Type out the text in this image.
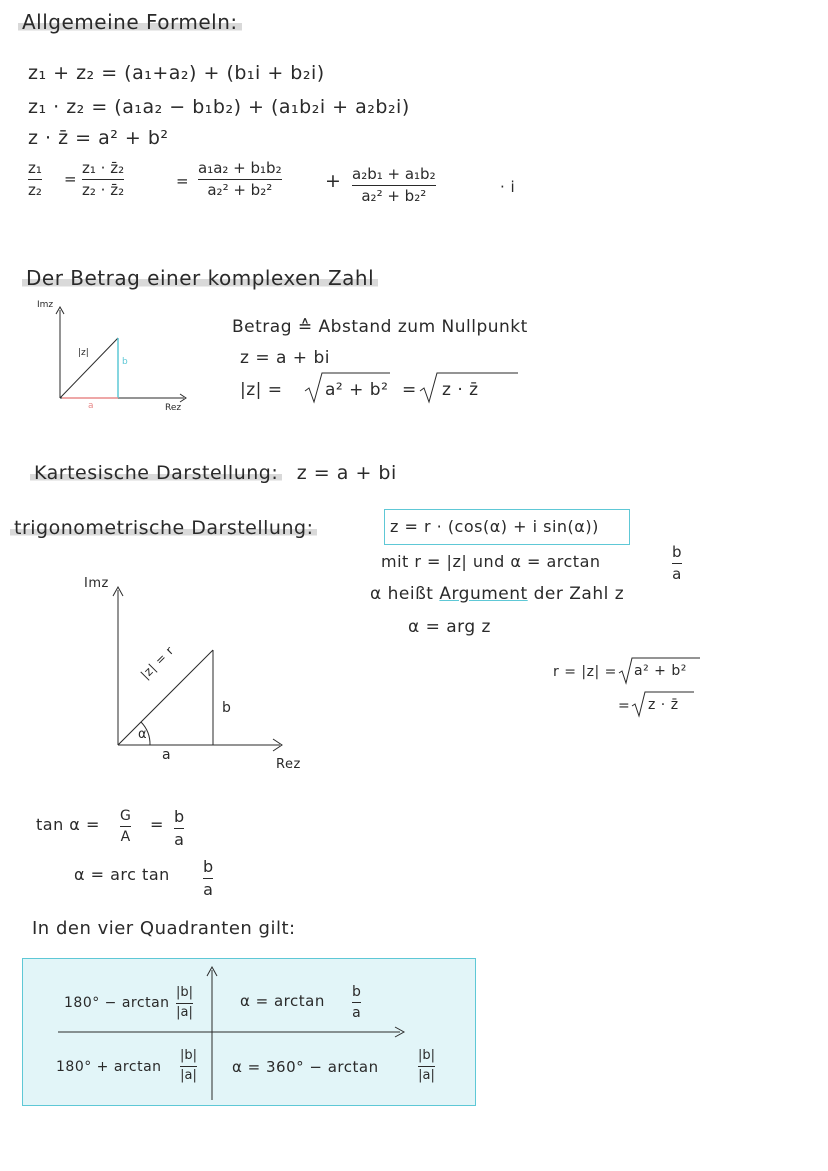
Allgemeine Formeln:
z₁ + z₂ = (a₁+a₂) + (b₁i + b₂i)
z₁ · z₂ = (a₁a₂ − b₁b₂) + (a₁b₂i + a₂b₂i)
z · z̄ = a² + b²
z₁
z₂
=
z₁ · z̄₂
z₂ · z̄₂
=
a₁a₂ + b₁b₂
a₂² + b₂²	+ a₂b₁ + a₁b₂
a₂² + b₂²
· i
Der Betrag einer komplexen Zahl
Imz
Rez
|z|
b
a
Betrag ≙ Abstand zum Nullpunkt
z = a + bi
|z| = a² + b² = z · z̄
Kartesische Darstellung: z = a + bi
trigonometrische Darstellung:	z = r · (cos(α) + i sin(α))
mit r = |z| und α = arctan	b
a
α heißt Argument der Zahl z
α = arg z
r = |z| =
=
a² + b²
z · z̄
Imz
Rez
|z| = r
α
a
b
tan α = G
A
= b
a
α = arc tan b
a
In den vier Quadranten gilt:
180° − arctan
|b|
|a|
α = arctan b
a
180° + arctan
|b|
|a| α = 360° − arctan
|b|
|a|
